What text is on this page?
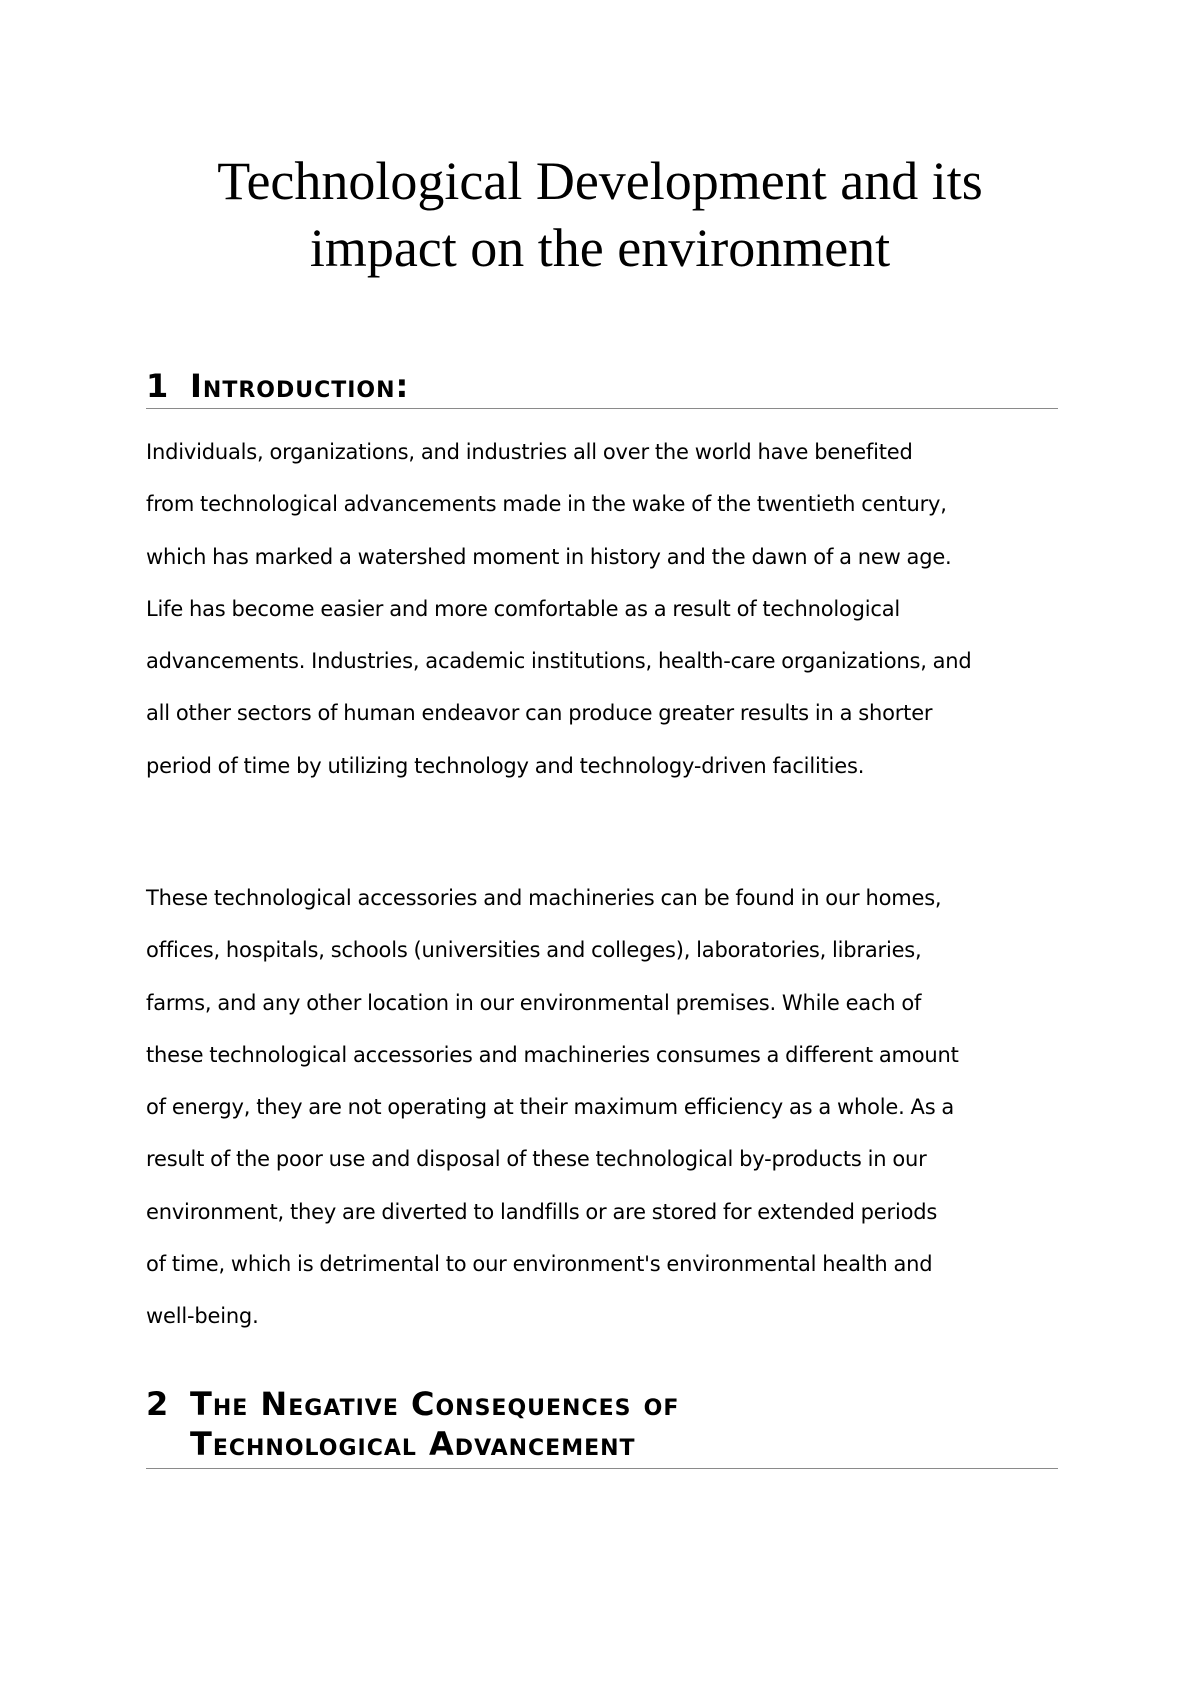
Technological Development and its
impact on the environment
1 Introduction:

Individuals, organizations, and industries all over the world have benefited
from technological advancements made in the wake of the twentieth century,
which has marked a watershed moment in history and the dawn of a new age.
Life has become easier and more comfortable as a result of technological
advancements. Industries, academic institutions, health-care organizations, and
all other sectors of human endeavor can produce greater results in a shorter
period of time by utilizing technology and technology-driven facilities.

These technological accessories and machineries can be found in our homes,
offices, hospitals, schools (universities and colleges), laboratories, libraries,
farms, and any other location in our environmental premises. While each of
these technological accessories and machineries consumes a different amount
of energy, they are not operating at their maximum efficiency as a whole. As a
result of the poor use and disposal of these technological by-products in our
environment, they are diverted to landfills or are stored for extended periods
of time, which is detrimental to our environment's environmental health and
well-being.

2 The Negative Consequences of
Technological Advancement
